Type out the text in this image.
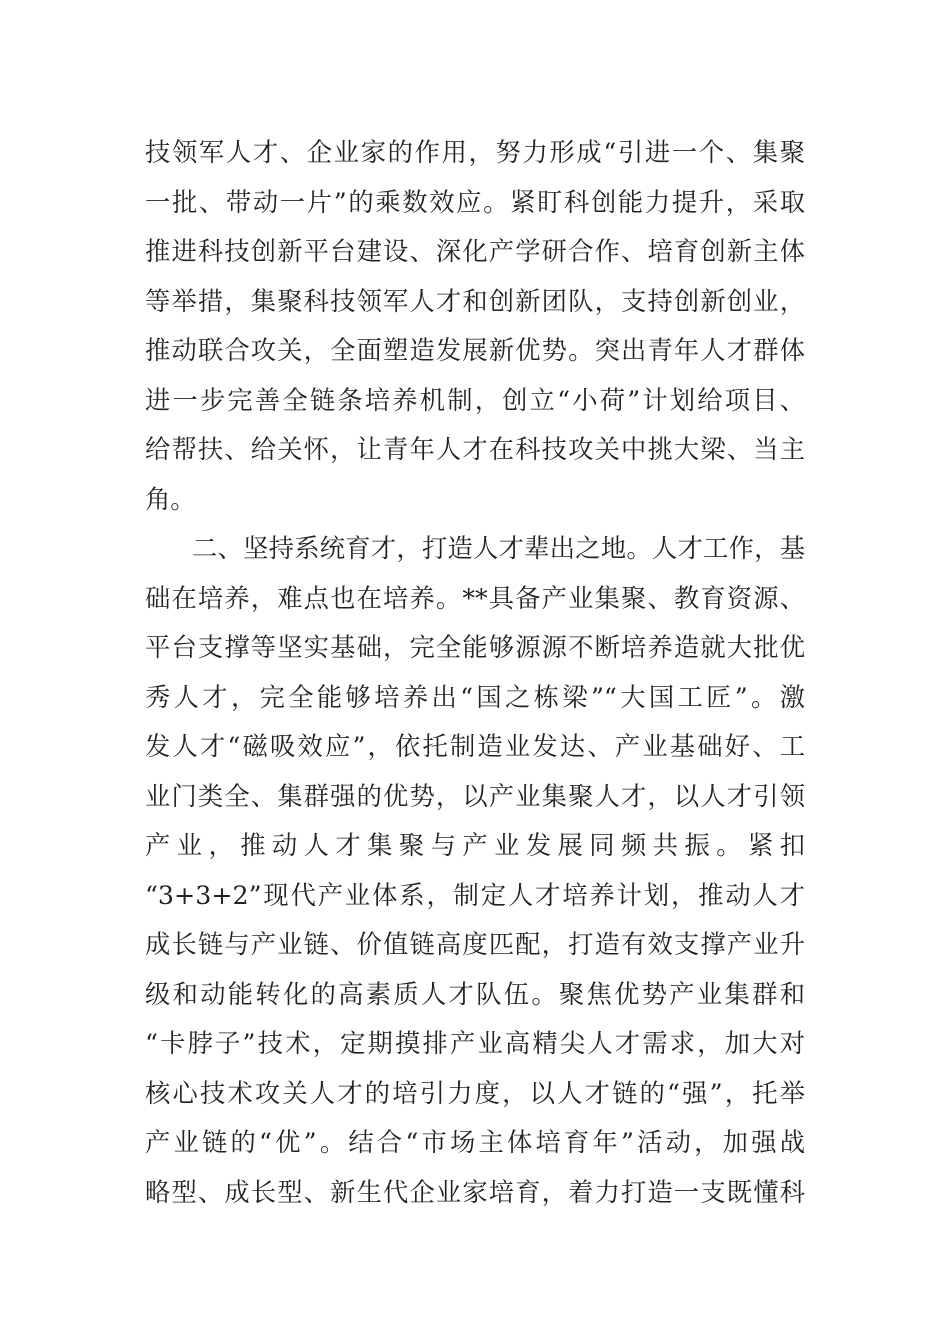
技领军人才、企业家的作用，努力形成“引进一个、集聚
一批、带动一片”的乘数效应。紧盯科创能力提升，采取
推进科技创新平台建设、深化产学研合作、培育创新主体
等举措，集聚科技领军人才和创新团队，支持创新创业，
推动联合攻关，全面塑造发展新优势。突出青年人才群体
进一步完善全链条培养机制，创立“小荷”计划给项目、
给帮扶、给关怀，让青年人才在科技攻关中挑大梁、当主
角。
二、坚持系统育才，打造人才辈出之地。人才工作，基
础在培养，难点也在培养。**具备产业集聚、教育资源、
平台支撑等坚实基础，完全能够源源不断培养造就大批优
秀人才，完全能够培养出“国之栋梁”“大国工匠”。激
发人才“磁吸效应”，依托制造业发达、产业基础好、工
业门类全、集群强的优势，以产业集聚人才，以人才引领
产业，推动人才集聚与产业发展同频共振。紧扣
“3+3+2”现代产业体系，制定人才培养计划，推动人才
成长链与产业链、价值链高度匹配，打造有效支撑产业升
级和动能转化的高素质人才队伍。聚焦优势产业集群和
“卡脖子”技术，定期摸排产业高精尖人才需求，加大对
核心技术攻关人才的培引力度，以人才链的“强”，托举
产业链的“优”。结合“市场主体培育年”活动，加强战
略型、成长型、新生代企业家培育，着力打造一支既懂科
